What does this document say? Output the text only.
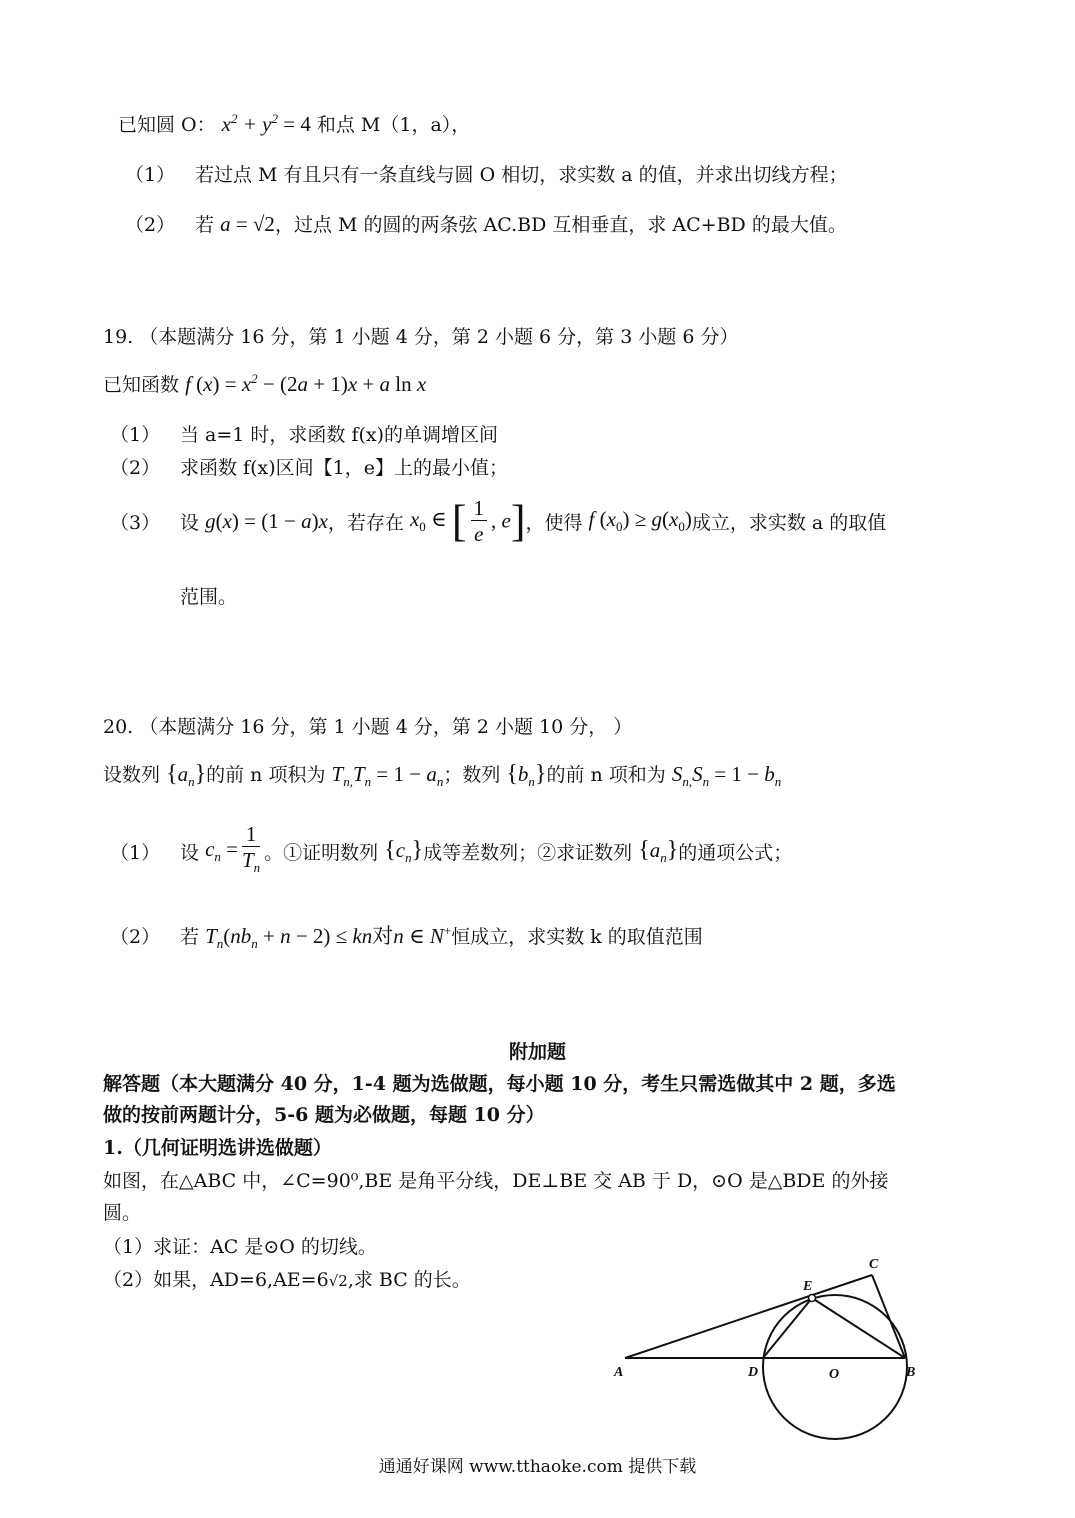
已知圆 O： $x^2 + y^2 = 4$ 和点 M（1，a），
（1） 若过点 M 有且只有一条直线与圆 O 相切，求实数 a 的值，并求出切线方程；
（2） 若 a = √2，过点 M 的圆的两条弦 AC.BD 互相垂直，求 AC+BD 的最大值。
19. （本题满分 16 分，第 1 小题 4 分，第 2 小题 6 分，第 3 小题 6 分）
已知函数 f $(x) = x^2 - (2a + 1)x + a$ ln x
（1） 当 a=1 时，求函数 f(x)的单调增区间
（2） 求函数 f(x)区间【1，e】上的最小值；
（3） 设 g(x) = (1 − a)x，若存在 $x_0$ ∈ [ $\frac{1}{e}$ , e]，使得 f $(x_0) \ge g(x_0)$成立，求实数 a 的取值
范围。
20. （本题满分 16 分，第 1 小题 4 分，第 2 小题 10 分， ）
设数列 $\{a_n\}$的前 n 项积为 $T_{n,}T_n = 1 - a_n$；数列 $\{b_n\}$的前 n 项和为 $S_{n,}S_n = 1 - b_n$
（1） 设 $c_n = \frac{1}{T_n}$ 。①证明数列 $\{c_n\}$成等差数列；②求证数列 $\{a_n\}$的通项公式；
（2） 若 $T_n(nb_n + n - 2)$ ≤ kn对n ∈ N+恒成立，求实数 k 的取值范围
附加题
解答题（本大题满分 40 分，1-4 题为选做题，每小题 10 分，考生只需选做其中 2 题，多选
做的按前两题计分，5-6 题为必做题，每题 10 分）
1.（几何证明选讲选做题）
如图，在△ABC 中，∠C=90⁰,BE 是角平分线，DE⊥BE 交 AB 于 D，⊙O 是△BDE 的外接
圆。
（1）求证：AC 是⊙O 的切线。
（2）如果，AD=6,AE=6√2,求 BC 的长。
A	D	O	B
E
C
通通好课网 www.tthaoke.com 提供下载
